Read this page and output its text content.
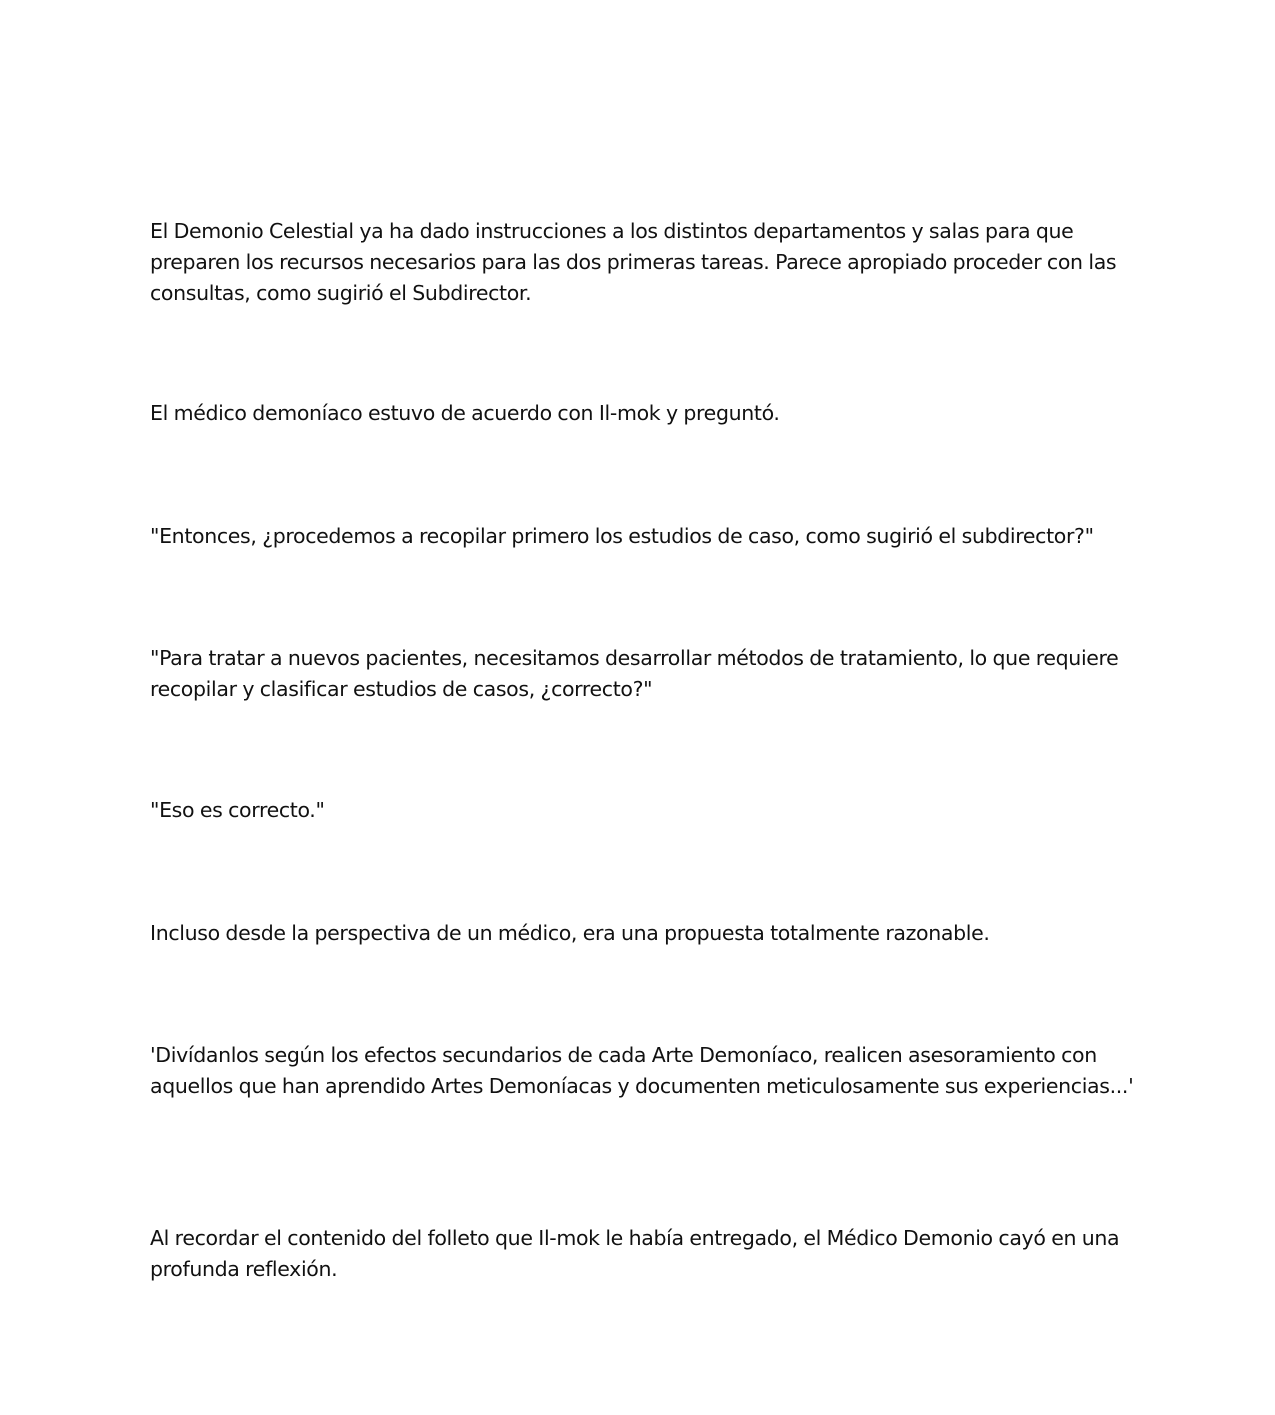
El Demonio Celestial ya ha dado instrucciones a los distintos departamentos y salas para que preparen los recursos necesarios para las dos primeras tareas. Parece apropiado proceder con las consultas, como sugirió el Subdirector.

El médico demoníaco estuvo de acuerdo con Il-mok y preguntó.

"Entonces, ¿procedemos a recopilar primero los estudios de caso, como sugirió el subdirector?"

"Para tratar a nuevos pacientes, necesitamos desarrollar métodos de tratamiento, lo que requiere recopilar y clasificar estudios de casos, ¿correcto?"

"Eso es correcto."

Incluso desde la perspectiva de un médico, era una propuesta totalmente razonable.

'Divídanlos según los efectos secundarios de cada Arte Demoníaco, realicen asesoramiento con aquellos que han aprendido Artes Demoníacas y documenten meticulosamente sus experiencias...'

Al recordar el contenido del folleto que Il-mok le había entregado, el Médico Demonio cayó en una profunda reflexión.
